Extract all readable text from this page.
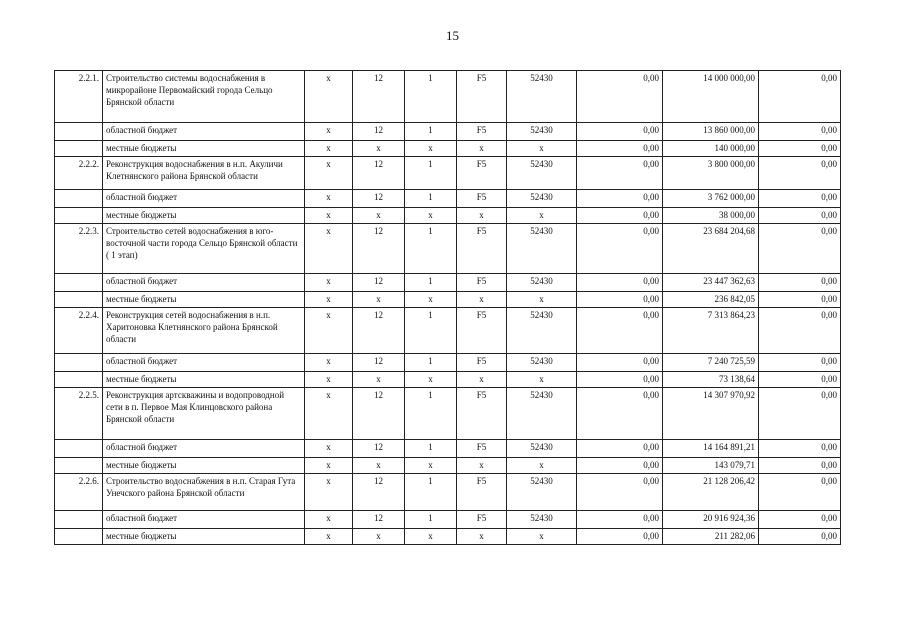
15
2.2.1.	Строительство системы водоснабжения в микрорайоне Первомайский города Сельцо Брянской области	x	12	1	F5	52430	0,00	14 000 000,00	0,00
	областной бюджет	x	12	1	F5	52430	0,00	13 860 000,00	0,00
	местные бюджеты	x	x	x	x	x	0,00	140 000,00	0,00
2.2.2.	Реконструкция водоснабжения в н.п. Акуличи Клетнянского района Брянской области	x	12	1	F5	52430	0,00	3 800 000,00	0,00
	областной бюджет	x	12	1	F5	52430	0,00	3 762 000,00	0,00
	местные бюджеты	x	x	x	x	x	0,00	38 000,00	0,00
2.2.3.	Строительство сетей водоснабжения в юго-восточной части города Сельцо Брянской области ( 1 этап)	x	12	1	F5	52430	0,00	23 684 204,68	0,00
	областной бюджет	x	12	1	F5	52430	0,00	23 447 362,63	0,00
	местные бюджеты	x	x	x	x	x	0,00	236 842,05	0,00
2.2.4.	Реконструкция сетей водоснабжения в н.п. Харитоновка Клетнянского района Брянской области	x	12	1	F5	52430	0,00	7 313 864,23	0,00
	областной бюджет	x	12	1	F5	52430	0,00	7 240 725,59	0,00
	местные бюджеты	x	x	x	x	x	0,00	73 138,64	0,00
2.2.5.	Реконструкция артскважины и водопроводной сети в п. Первое Мая Клинцовского района Брянской области	x	12	1	F5	52430	0,00	14 307 970,92	0,00
	областной бюджет	x	12	1	F5	52430	0,00	14 164 891,21	0,00
	местные бюджеты	x	x	x	x	x	0,00	143 079,71	0,00
2.2.6.	Строительство водоснабжения в н.п. Старая Гута Унечского района Брянской области	x	12	1	F5	52430	0,00	21 128 206,42	0,00
	областной бюджет	x	12	1	F5	52430	0,00	20 916 924,36	0,00
	местные бюджеты	x	x	x	x	x	0,00	211 282,06	0,00
